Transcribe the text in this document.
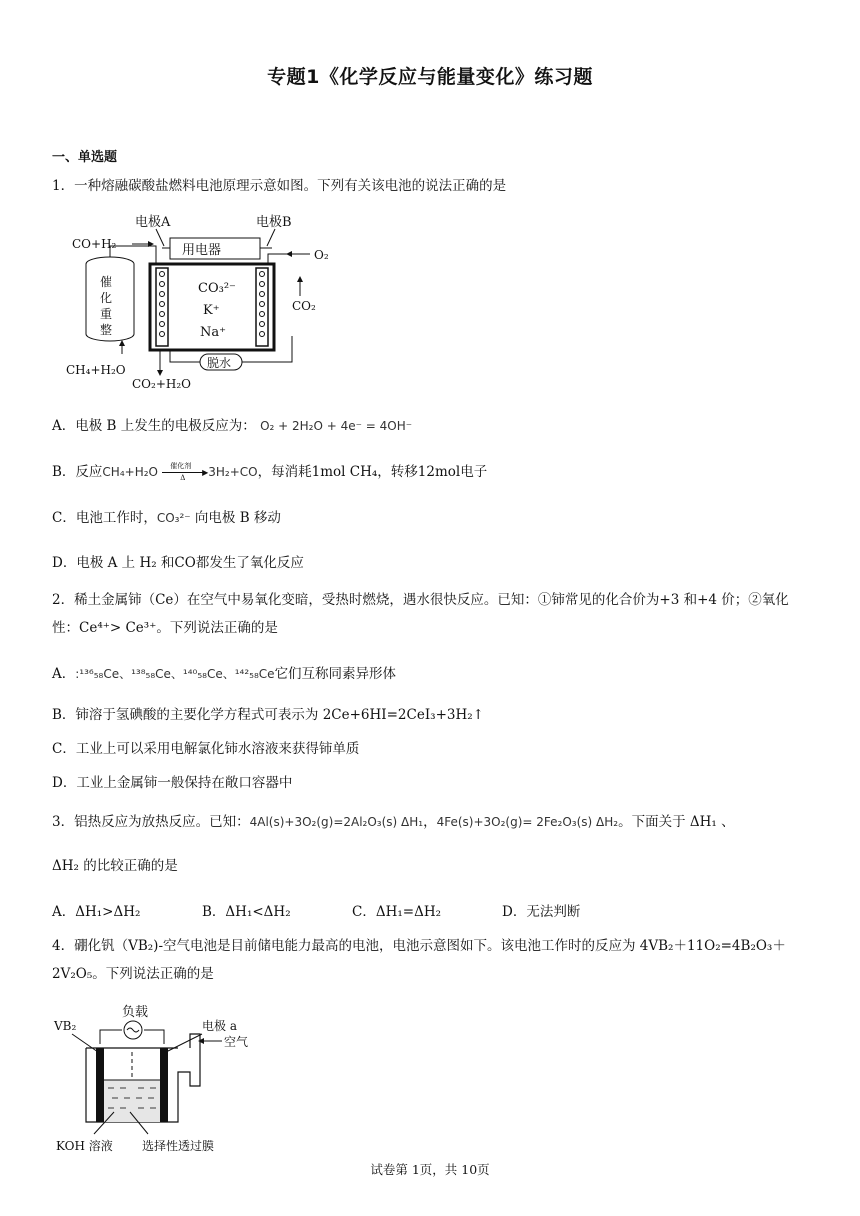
专题1《化学反应与能量变化》练习题
一、单选题
1．一种熔融碳酸盐燃料电池原理示意如图。下列有关该电池的说法正确的是
电极A	电极B
用电器
CO+H₂
催
化
重
整
CH₄+H₂O
CO₃²⁻
K⁺
Na⁺
O₂
CO₂
CO₂+H₂O
脱水
A．电极 B 上发生的电极反应为： O₂ + 2H₂O + 4e⁻ = 4OH⁻
B．反应CH₄+H₂O 催化剂
▶
Δ 3H₂+CO，每消耗1mol CH₄，转移12mol电子
C．电池工作时，CO₃²⁻ 向电极 B 移动
D．电极 A 上 H₂ 和CO都发生了氧化反应
2．稀土金属铈（Ce）在空气中易氧化变暗，受热时燃烧，遇水很快反应。已知：①铈常见的化合价为+3 和+4 价；②氧化性：Ce⁴⁺> Ce³⁺。下列说法正确的是
A．:¹³⁶₅₈Ce、¹³⁸₅₈Ce、¹⁴⁰₅₈Ce、¹⁴²₅₈Ce它们互称同素异形体
B．铈溶于氢碘酸的主要化学方程式可表示为 2Ce+6HI=2CeI₃+3H₂↑
C．工业上可以采用电解氯化铈水溶液来获得铈单质
D．工业上金属铈一般保持在敞口容器中
3．铝热反应为放热反应。已知：4Al(s)+3O₂(g)=2Al₂O₃(s) ΔH₁，4Fe(s)+3O₂(g)= 2Fe₂O₃(s) ΔH₂。下面关于 ΔH₁ 、
ΔH₂ 的比较正确的是
A．ΔH₁>ΔH₂	B．ΔH₁<ΔH₂	C．ΔH₁=ΔH₂	D．无法判断
4．硼化钒（VB₂)-空气电池是目前储电能力最高的电池，电池示意图如下。该电池工作时的反应为 4VB₂＋11O₂=4B₂O₃＋2V₂O₅。下列说法正确的是
负载
VB₂	电极 a
空气
KOH 溶液 选择性透过膜
试卷第 1页，共 10页
